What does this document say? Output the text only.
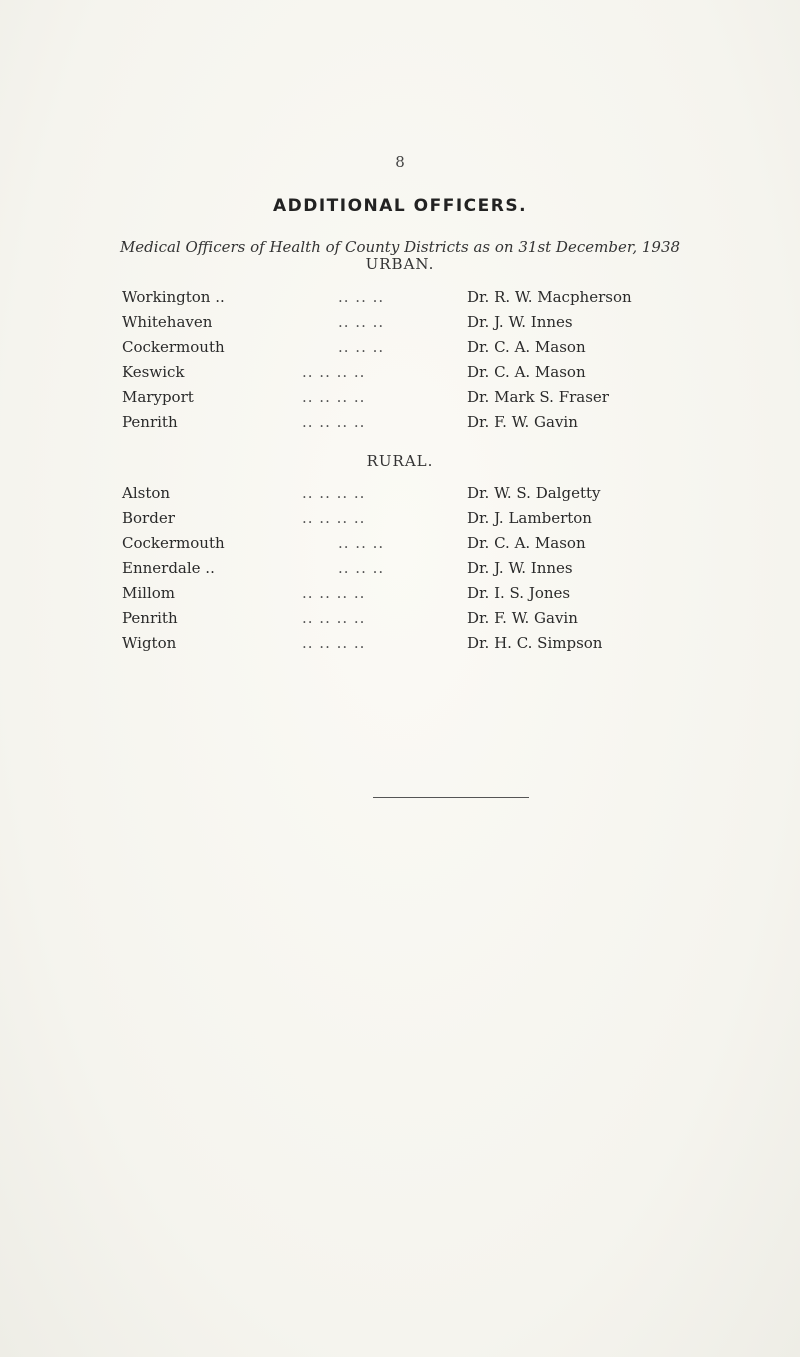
8
ADDITIONAL OFFICERS.
Medical Officers of Health of County Districts as on 31st December, 1938
URBAN.
Workington ..	.. .. ..	Dr. R. W. Macpherson
Whitehaven	.. .. ..	Dr. J. W. Innes
Cockermouth	.. .. ..	Dr. C. A. Mason
Keswick	.. .. .. ..	Dr. C. A. Mason
Maryport	.. .. .. ..	Dr. Mark S. Fraser
Penrith	.. .. .. ..	Dr. F. W. Gavin
RURAL.
Alston	.. .. .. ..	Dr. W. S. Dalgetty
Border	.. .. .. ..	Dr. J. Lamberton
Cockermouth	.. .. ..	Dr. C. A. Mason
Ennerdale ..	.. .. ..	Dr. J. W. Innes
Millom	.. .. .. ..	Dr. I. S. Jones
Penrith	.. .. .. ..	Dr. F. W. Gavin
Wigton	.. .. .. ..	Dr. H. C. Simpson
